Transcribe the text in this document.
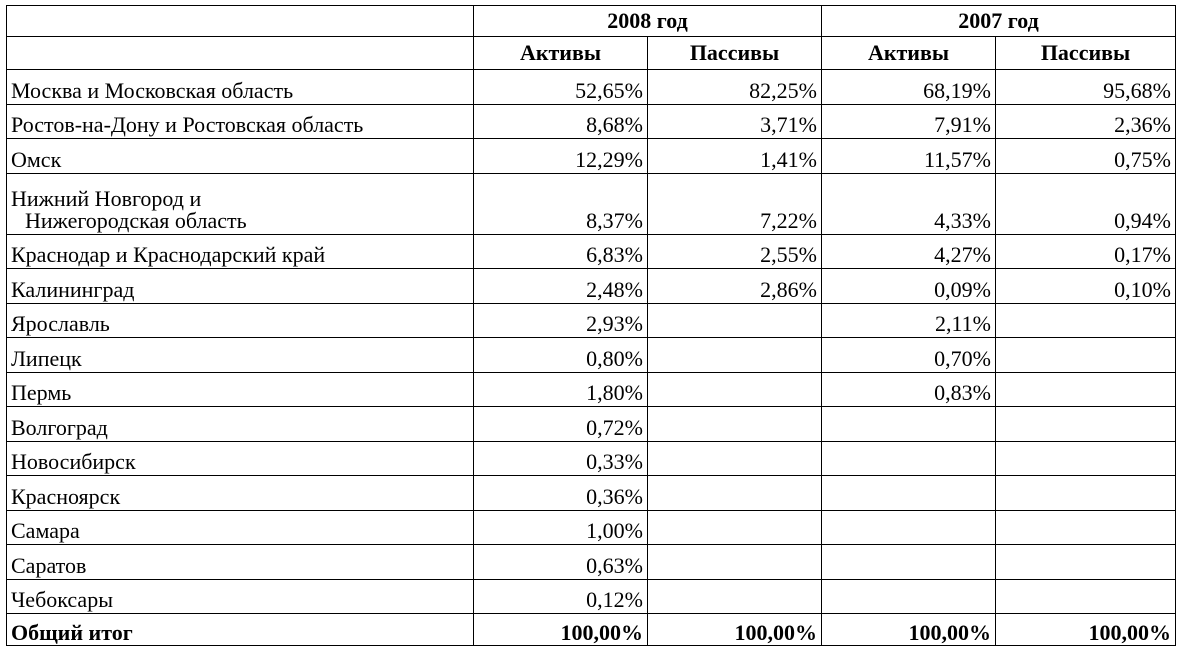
	2008 год		2007 год	
	Активы	Пассивы	Активы	Пассивы
Москва и Московская область	52,65%	82,25%	68,19%	95,68%
Ростов-на-Дону и Ростовская область	8,68%	3,71%	7,91%	2,36%
Омск	12,29%	1,41%	11,57%	0,75%

Нижний Новгород и
Нижегородская область	8,37%	7,22%	4,33%	0,94%
Краснодар и Краснодарский край	6,83%	2,55%	4,27%	0,17%
Калининград	2,48%	2,86%	0,09%	0,10%
Ярославль	2,93%		2,11%	
Липецк	0,80%		0,70%	
Пермь	1,80%		0,83%	
Волгоград	0,72%			
Новосибирск	0,33%			
Красноярск	0,36%			
Самара	1,00%			
Саратов	0,63%			
Чебоксары	0,12%			
Общий итог	100,00%	100,00%	100,00%	100,00%
